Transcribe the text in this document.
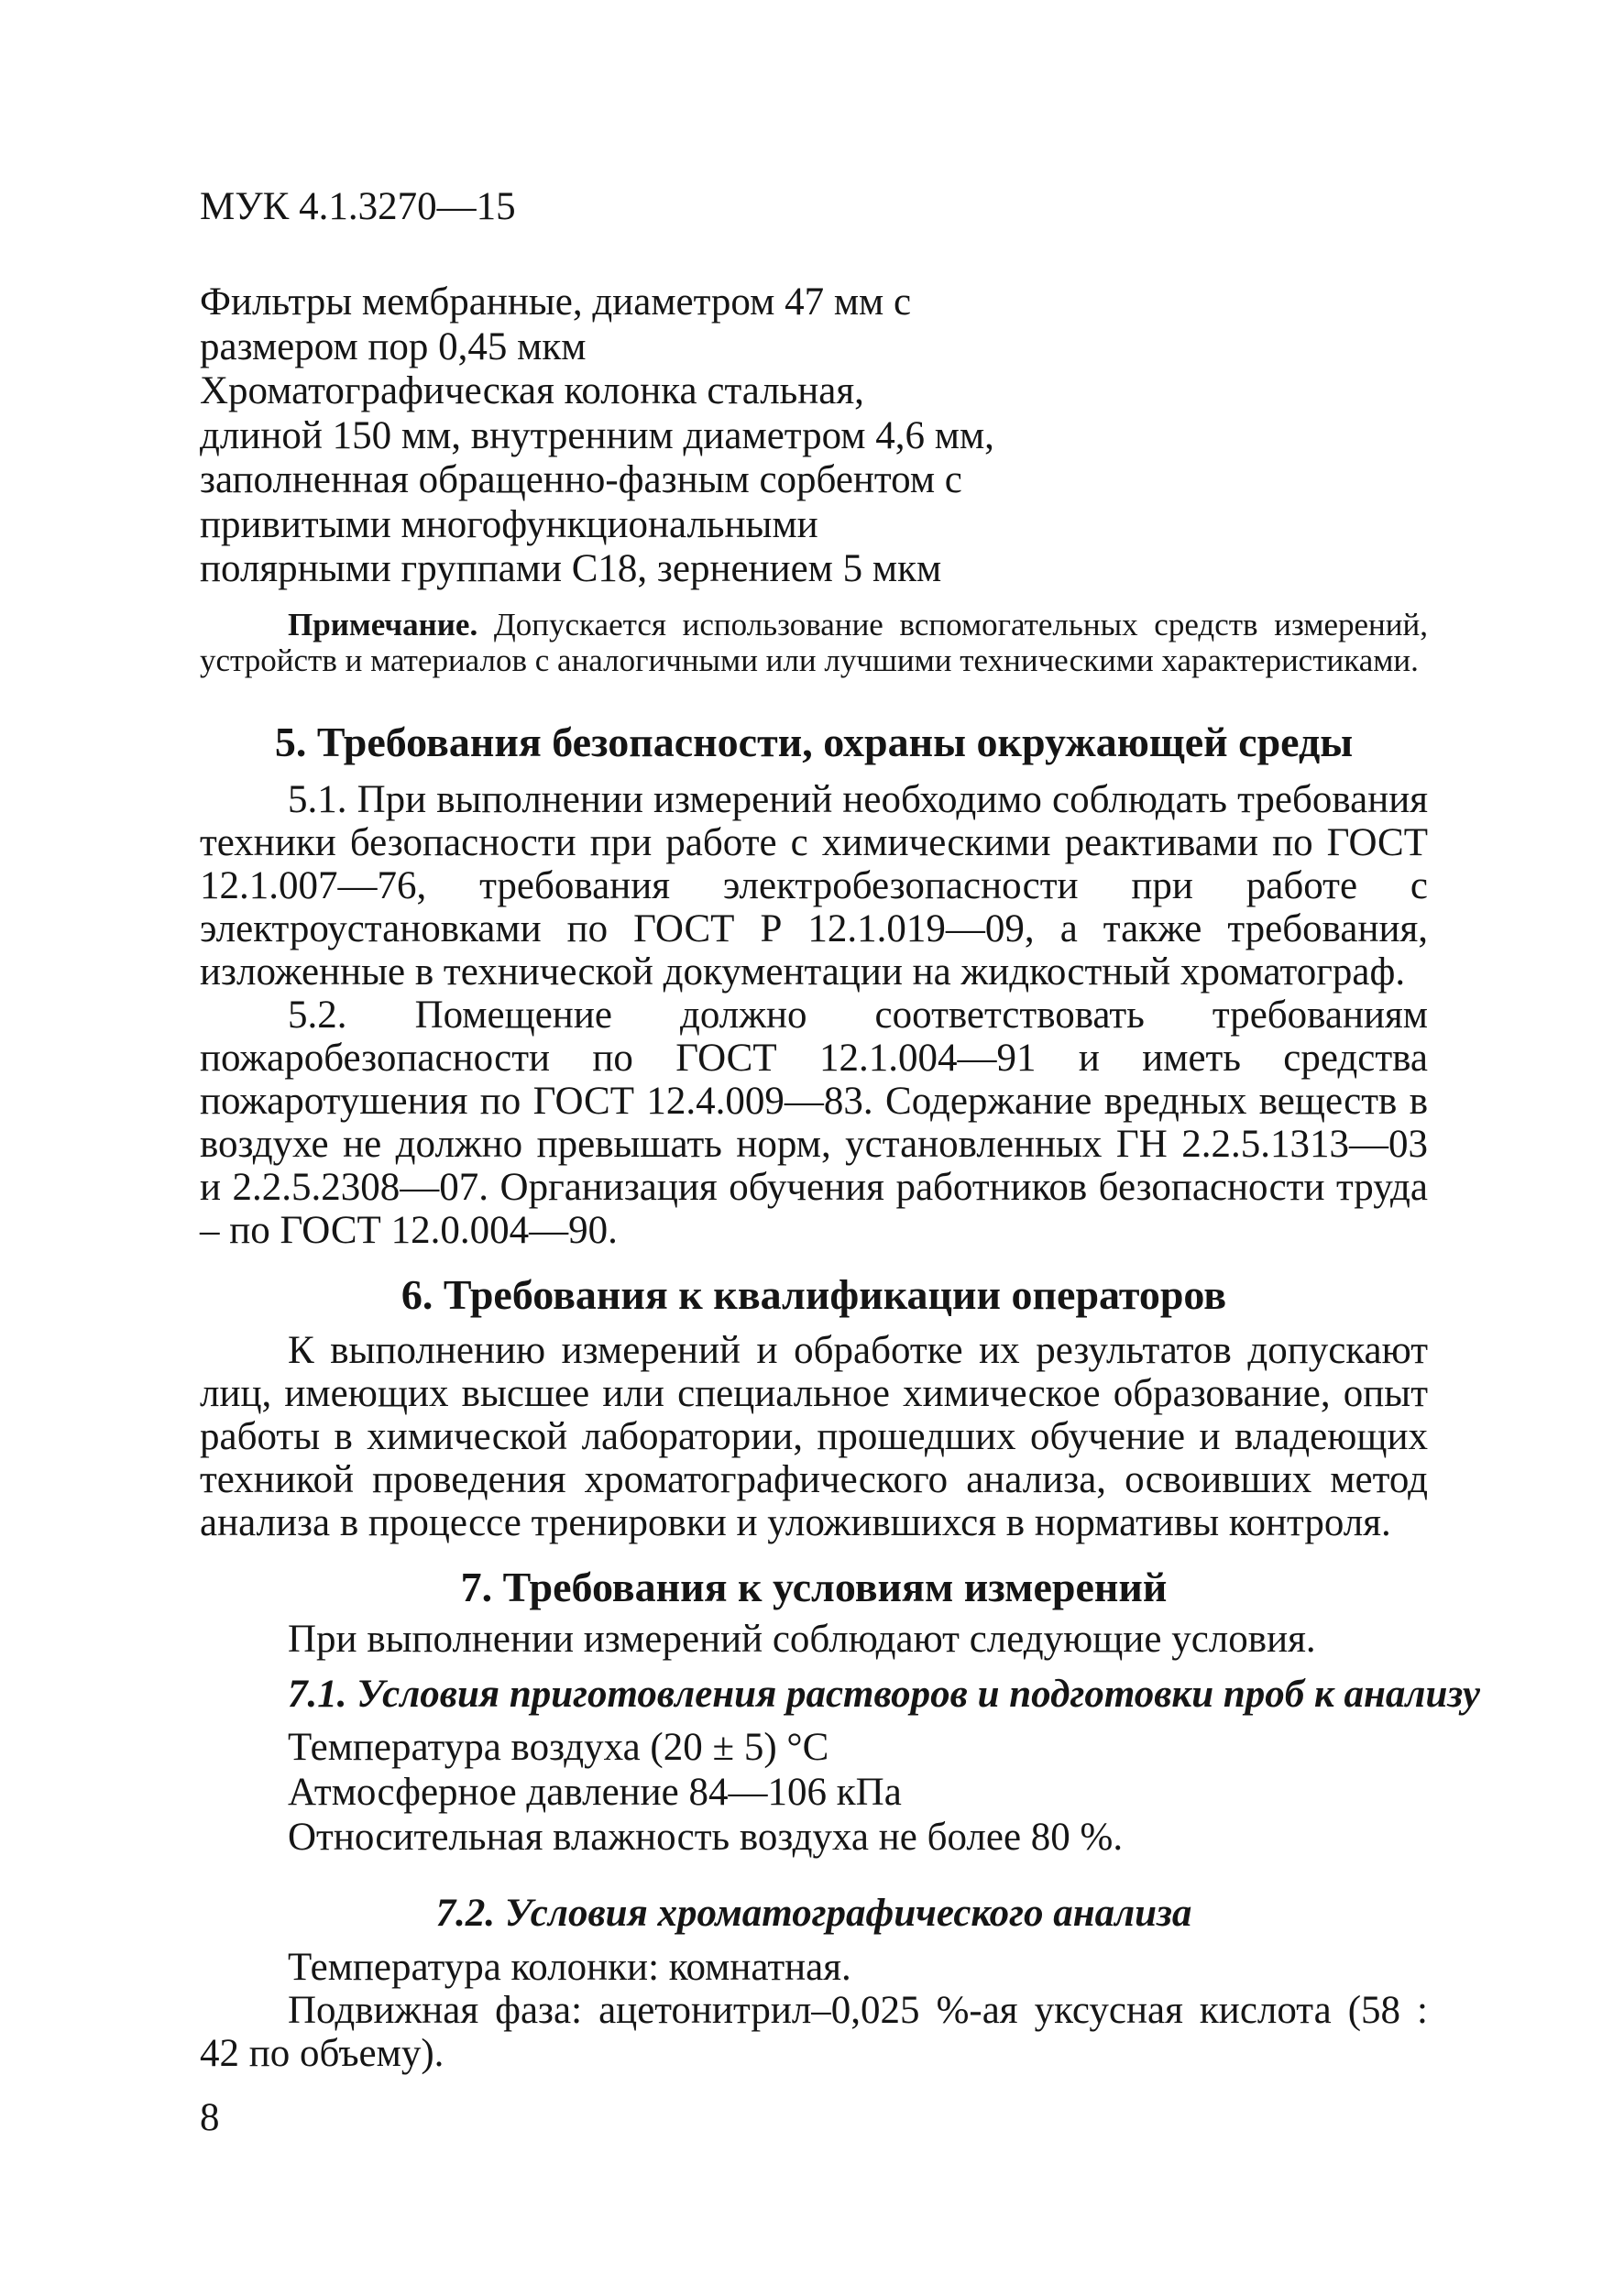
МУК 4.1.3270—15
Фильтры мембранные, диаметром 47 мм с
размером пор 0,45 мкм
Хроматографическая колонка стальная,
длиной 150 мм, внутренним диаметром 4,6 мм,
заполненная обращенно-фазным сорбентом с
привитыми многофункциональными
полярными группами С18, зернением 5 мкм
Примечание. Допускается использование вспомогательных средств измерений, устройств и материалов с аналогичными или лучшими техническими характеристиками.
5. Требования безопасности, охраны окружающей среды

5.1. При выполнении измерений необходимо соблюдать требования техники безопасности при работе с химическими реактивами по ГОСТ 12.1.007—76, требования электробезопасности при работе с электроустановками по ГОСТ Р 12.1.019—09, а также требования, изложенные в технической документации на жидкостный хроматограф.

5.2. Помещение должно соответствовать требованиям пожаробезопасности по ГОСТ 12.1.004—91 и иметь средства пожаротушения по ГОСТ 12.4.009—83. Содержание вредных веществ в воздухе не должно превышать норм, установленных ГН 2.2.5.1313—03 и 2.2.5.2308—07. Организация обучения работников безопасности труда – по ГОСТ 12.0.004—90.

6. Требования к квалификации операторов

К выполнению измерений и обработке их результатов допускают лиц, имеющих высшее или специальное химическое образование, опыт работы в химической лаборатории, прошедших обучение и владеющих техникой проведения хроматографического анализа, освоивших метод анализа в процессе тренировки и уложившихся в нормативы контроля.

7. Требования к условиям измерений

При выполнении измерений соблюдают следующие условия.

7.1. Условия приготовления растворов и подготовки проб к анализу
Температура воздуха (20 ± 5) °С
Атмосферное давление 84—106 кПа
Относительная влажность воздуха не более 80 %.
7.2. Условия хроматографического анализа

Температура колонки: комнатная.

Подвижная фаза: ацетонитрил–0,025 %-ая уксусная кислота (58 : 42 по объему).

8
